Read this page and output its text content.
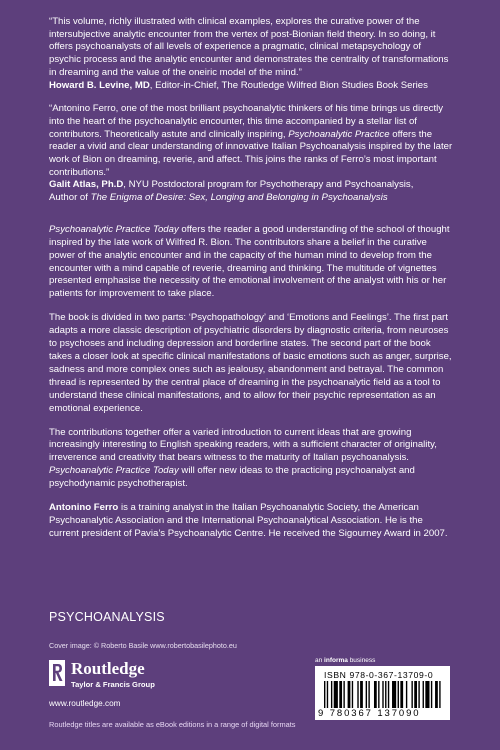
“This volume, richly illustrated with clinical examples, explores the curative power of the intersubjective analytic encounter from the vertex of post-Bionian field theory. In so doing, it offers psychoanalysts of all levels of experience a pragmatic, clinical metapsychology of psychic process and the analytic encounter and demonstrates the centrality of transformations in dreaming and the value of the oneiric model of the mind.”

Howard B. Levine, MD, Editor-in-Chief, The Routledge Wilfred Bion Studies Book Series

“Antonino Ferro, one of the most brilliant psychoanalytic thinkers of his time brings us directly into the heart of the psychoanalytic encounter, this time accompanied by a stellar list of contributors. Theoretically astute and clinically inspiring, Psychoanalytic Practice offers the reader a vivid and clear understanding of innovative Italian Psychoanalysis inspired by the later work of Bion on dreaming, reverie, and affect. This joins the ranks of Ferro’s most important contributions.”

Galit Atlas, Ph.D, NYU Postdoctoral program for Psychotherapy and Psychoanalysis,
Author of The Enigma of Desire: Sex, Longing and Belonging in Psychoanalysis

Psychoanalytic Practice Today offers the reader a good understanding of the school of thought inspired by the late work of Wilfred R. Bion. The contributors share a belief in the curative power of the analytic encounter and in the capacity of the human mind to develop from the encounter with a mind capable of reverie, dreaming and thinking. The multitude of vignettes presented emphasise the necessity of the emotional involvement of the analyst with his or her patients for improvement to take place.

The book is divided in two parts: ‘Psychopathology’ and ‘Emotions and Feelings’. The first part adapts a more classic description of psychiatric disorders by diagnostic criteria, from neuroses to psychoses and including depression and borderline states. The second part of the book takes a closer look at specific clinical manifestations of basic emotions such as anger, surprise, sadness and more complex ones such as jealousy, abandonment and betrayal. The common thread is represented by the central place of dreaming in the psychoanalytic field as a tool to understand these clinical manifestations, and to allow for their psychic representation as an emotional experience.

The contributions together offer a varied introduction to current ideas that are growing increasingly interesting to English speaking readers, with a sufficient character of originality, irreverence and creativity that bears witness to the maturity of Italian psychoanalysis. Psychoanalytic Practice Today will offer new ideas to the practicing psychoanalyst and psychodynamic psychotherapist.

Antonino Ferro is a training analyst in the Italian Psychoanalytic Society, the American Psychoanalytic Association and the International Psychoanalytical Association. He is the current president of Pavia’s Psychoanalytic Centre. He received the Sigourney Award in 2007.

PSYCHOANALYSIS
Cover image: © Roberto Basile www.robertobasilephoto.eu
Routledge
Taylor & Francis Group
www.routledge.com
Routledge titles are available as eBook editions in a range of digital formats
an informa business
ISBN 978-0-367-13709-0
9 780367 137090
